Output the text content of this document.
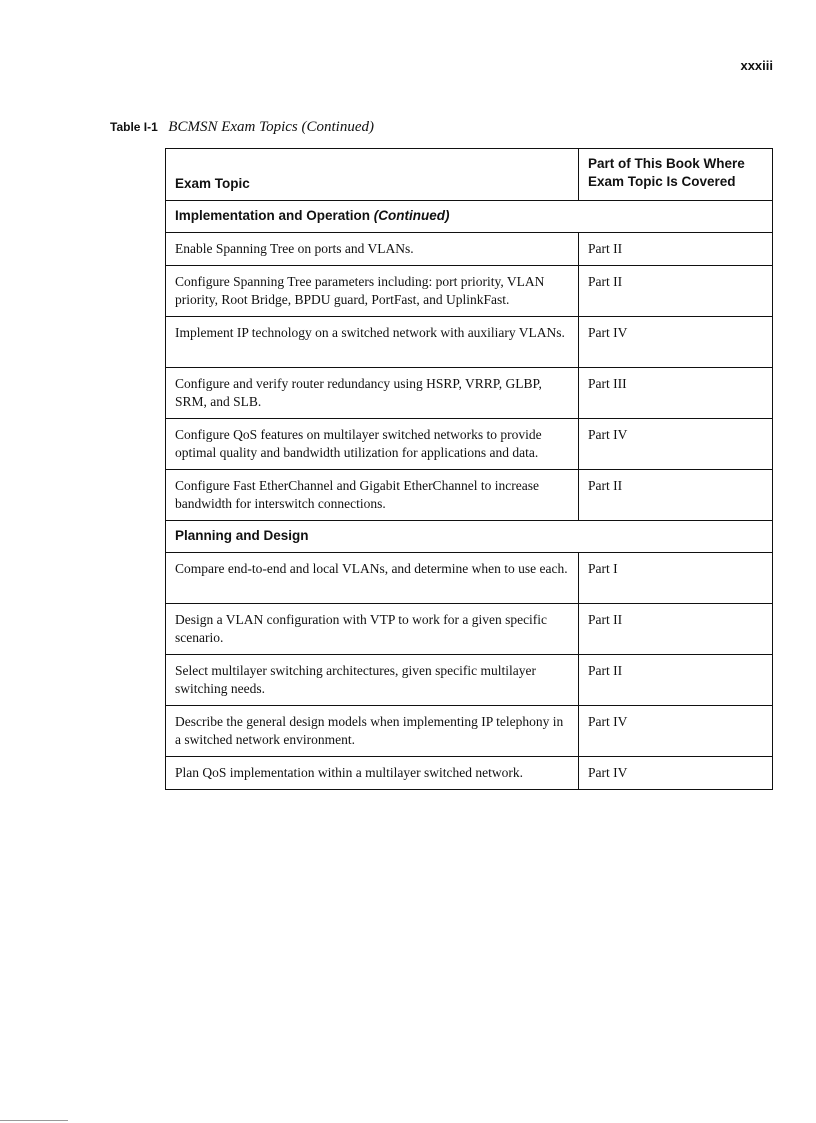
xxxiii
Table I-1 BCMSN Exam Topics (Continued)
Exam Topic	Part of This Book Where Exam Topic Is Covered
Implementation and Operation (Continued)	
Enable Spanning Tree on ports and VLANs.	Part II
Configure Spanning Tree parameters including: port priority, VLAN priority, Root Bridge, BPDU guard, PortFast, and UplinkFast.	Part II
Implement IP technology on a switched network with auxiliary VLANs.	Part IV
Configure and verify router redundancy using HSRP, VRRP, GLBP, SRM, and SLB.	Part III
Configure QoS features on multilayer switched networks to provide optimal quality and bandwidth utilization for applications and data.	Part IV
Configure Fast EtherChannel and Gigabit EtherChannel to increase bandwidth for interswitch connections.	Part II
Planning and Design	
Compare end-to-end and local VLANs, and determine when to use each.	Part I
Design a VLAN configuration with VTP to work for a given specific scenario.	Part II
Select multilayer switching architectures, given specific multilayer switching needs.	Part II
Describe the general design models when implementing IP telephony in a switched network environment.	Part IV
Plan QoS implementation within a multilayer switched network.	Part IV
